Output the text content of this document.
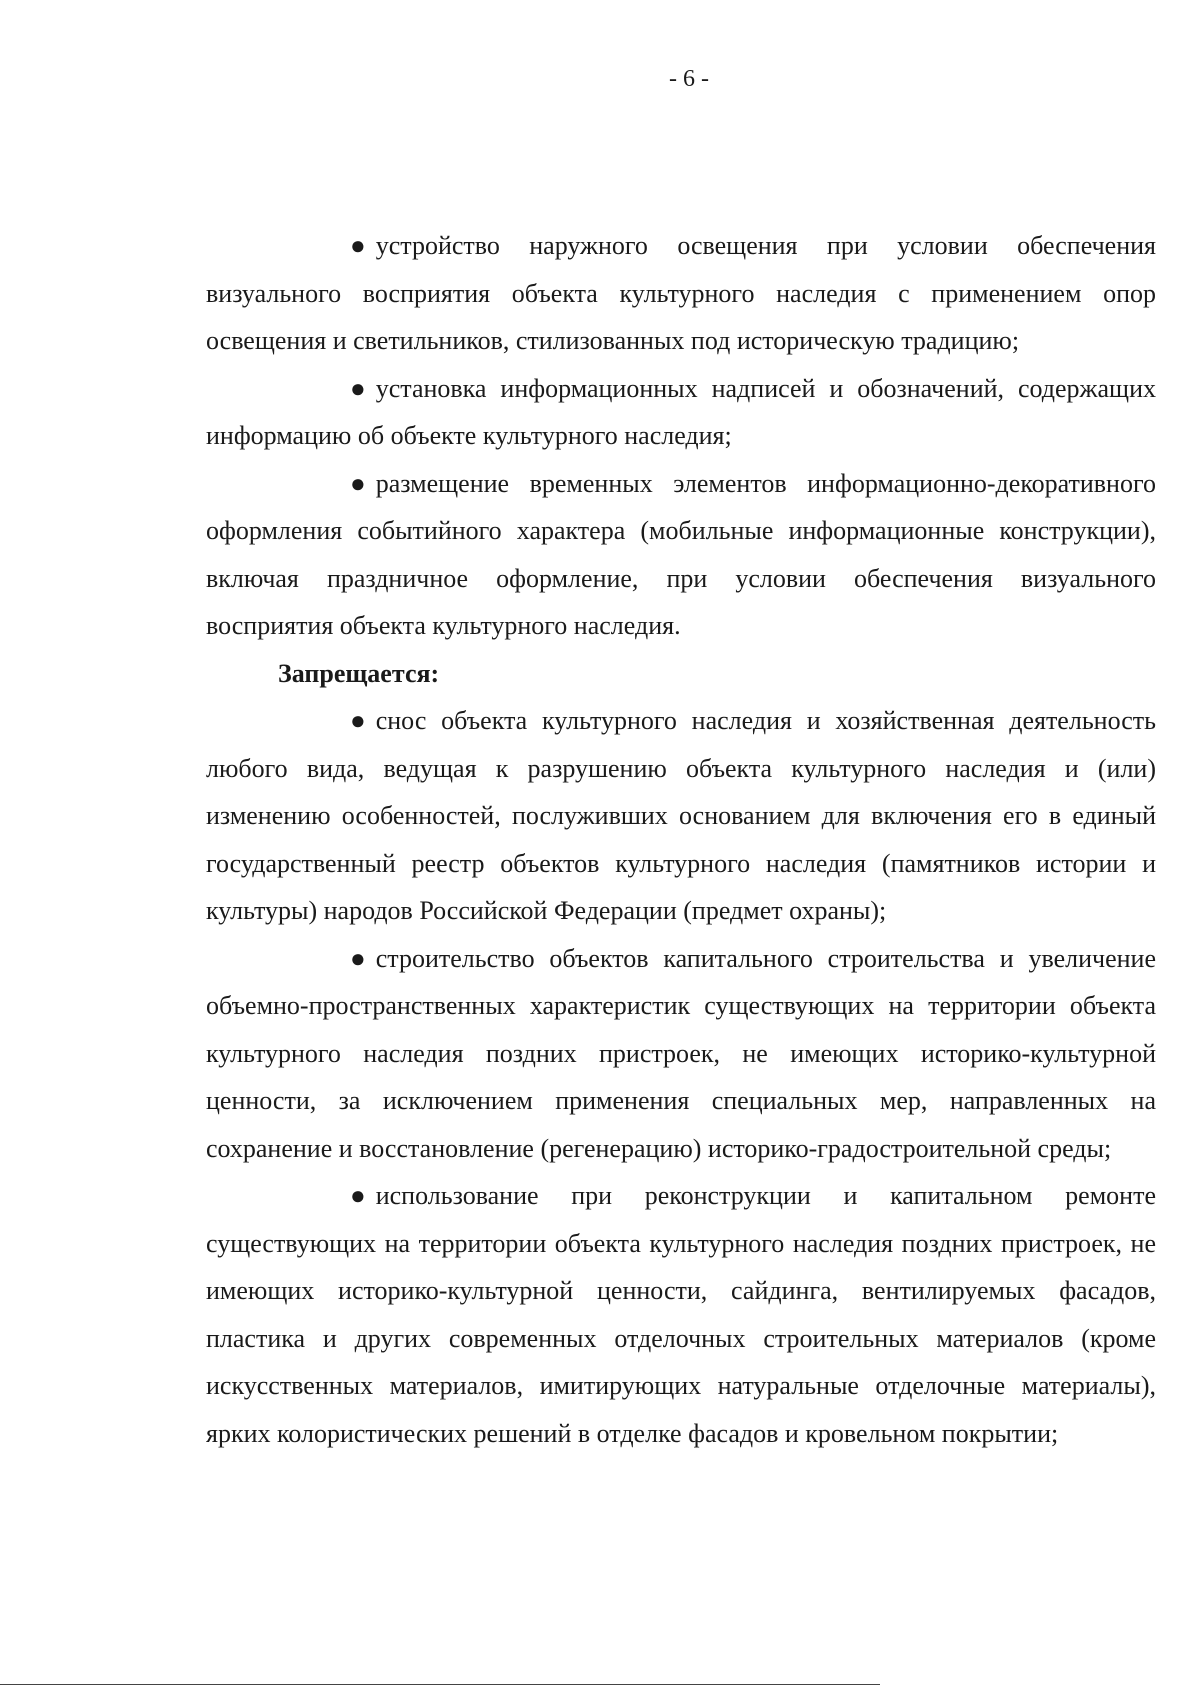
- 6 -

● устройство наружного освещения при условии обеспечения визуального восприятия объекта культурного наследия с применением опор освещения и светильников, стилизованных под историческую традицию;

● установка информационных надписей и обозначений, содержащих информацию об объекте культурного наследия;

● размещение временных элементов информационно-декоративного оформления событийного характера (мобильные информационные конструкции), включая праздничное оформление, при условии обеспечения визуального восприятия объекта культурного наследия.

Запрещается:

● снос объекта культурного наследия и хозяйственная деятельность любого вида, ведущая к разрушению объекта культурного наследия и (или) изменению особенностей, послуживших основанием для включения его в единый государственный реестр объектов культурного наследия (памятников истории и культуры) народов Российской Федерации (предмет охраны);

● строительство объектов капитального строительства и увеличение объемно-пространственных характеристик существующих на территории объекта культурного наследия поздних пристроек, не имеющих историко-культурной ценности, за исключением применения специальных мер, направленных на сохранение и восстановление (регенерацию) историко-градостроительной среды;

● использование при реконструкции и капитальном ремонте существующих на территории объекта культурного наследия поздних пристроек, не имеющих историко-культурной ценности, сайдинга, вентилируемых фасадов, пластика и других современных отделочных строительных материалов (кроме искусственных материалов, имитирующих натуральные отделочные материалы), ярких колористических решений в отделке фасадов и кровельном покрытии;
